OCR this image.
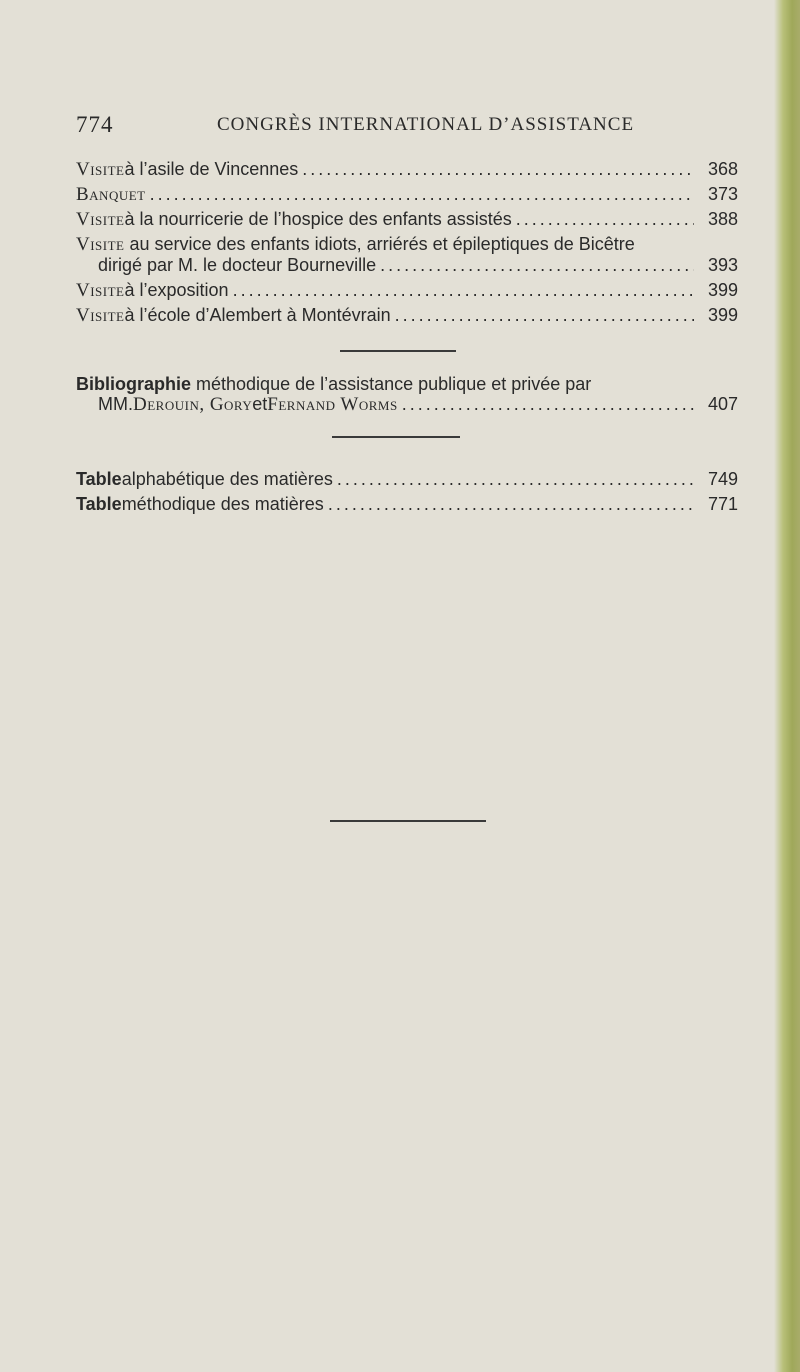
774	CONGRÈS INTERNATIONAL D’ASSISTANCE
Visite à l’asile de Vincennes . . .	368
Banquet . . .	373
Visite à la nourricerie de l’hospice des enfants assistés . . .	388
Visite au service des enfants idiots, arriérés et épileptiques de Bicêtre
dirigé par M. le docteur Bourneville . . .	393
Visite à l’exposition . . .	399
Visite à l’école d’Alembert à Montévrain . . .	399
Bibliographie méthodique de l’assistance publique et privée par
MM. Derouin, Gory et Fernand Worms . . .	407
Table alphabétique des matières . . .	749
Table méthodique des matières . . .	771
